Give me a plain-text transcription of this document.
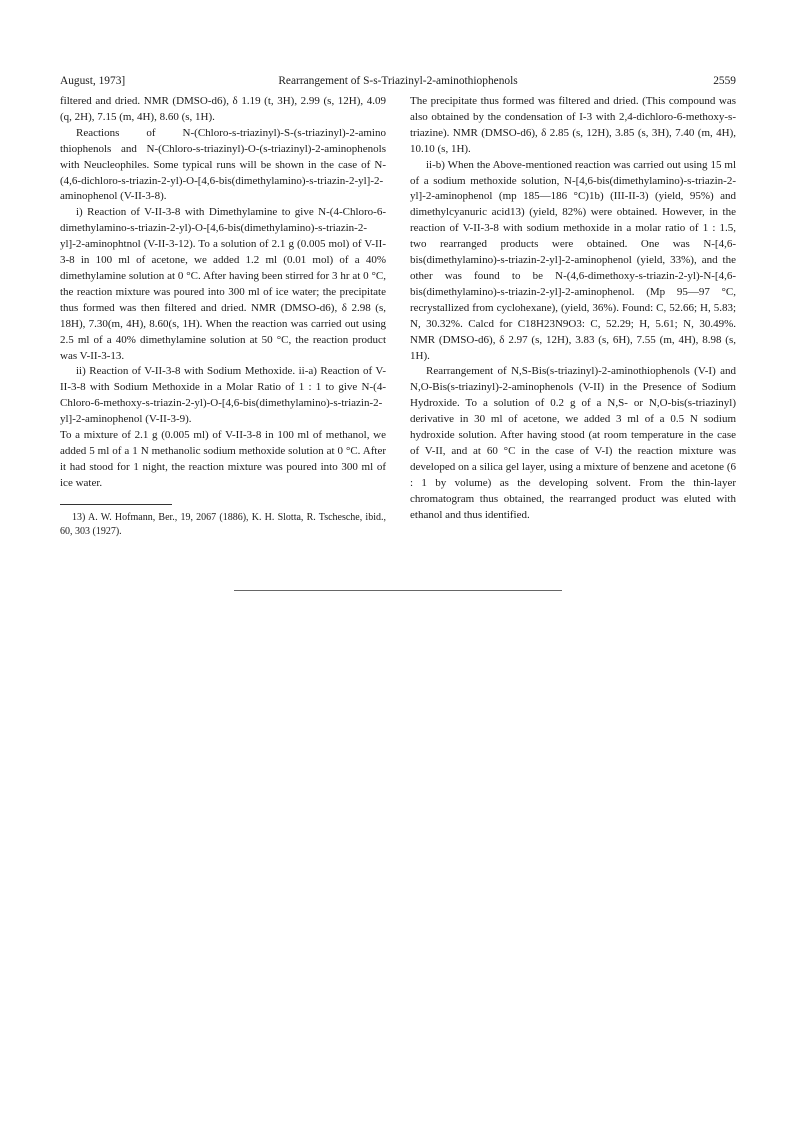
August, 1973]	Rearrangement of S-s-Triazinyl-2-aminothiophenols	2559

filtered and dried. NMR (DMSO-d6), δ 1.19 (t, 3H), 2.99 (s, 12H), 4.09 (q, 2H), 7.15 (m, 4H), 8.60 (s, 1H).

Reactions of N-(Chloro-s-triazinyl)-S-(s-triazinyl)-2-amino thiophenols and N-(Chloro-s-triazinyl)-O-(s-triazinyl)-2-aminophenols with Neucleophiles. Some typical runs will be shown in the case of N-(4,6-dichloro-s-triazin-2-yl)-O-[4,6-bis(dimethylamino)-s-triazin-2-yl]-2-aminophenol (V-II-3-8).

i) Reaction of V-II-3-8 with Dimethylamine to give N-(4-Chloro-6-dimethylamino-s-triazin-2-yl)-O-[4,6-bis(dimethylamino)-s-triazin-2-yl]-2-aminophtnol (V-II-3-12). To a solution of 2.1 g (0.005 mol) of V-II-3-8 in 100 ml of acetone, we added 1.2 ml (0.01 mol) of a 40% dimethylamine solution at 0 °C. After having been stirred for 3 hr at 0 °C, the reaction mixture was poured into 300 ml of ice water; the precipitate thus formed was then filtered and dried. NMR (DMSO-d6), δ 2.98 (s, 18H), 7.30(m, 4H), 8.60(s, 1H). When the reaction was carried out using 2.5 ml of a 40% dimethylamine solution at 50 °C, the reaction product was V-II-3-13.

ii) Reaction of V-II-3-8 with Sodium Methoxide. ii-a) Reaction of V-II-3-8 with Sodium Methoxide in a Molar Ratio of 1 : 1 to give N-(4-Chloro-6-methoxy-s-triazin-2-yl)-O-[4,6-bis(dimethylamino)-s-triazin-2-yl]-2-aminophenol (V-II-3-9).

To a mixture of 2.1 g (0.005 ml) of V-II-3-8 in 100 ml of methanol, we added 5 ml of a 1 N methanolic sodium methoxide solution at 0 °C. After it had stood for 1 night, the reaction mixture was poured into 300 ml of ice water.

13) A. W. Hofmann, Ber., 19, 2067 (1886), K. H. Slotta, R. Tschesche, ibid., 60, 303 (1927).

The precipitate thus formed was filtered and dried. (This compound was also obtained by the condensation of I-3 with 2,4-dichloro-6-methoxy-s-triazine). NMR (DMSO-d6), δ 2.85 (s, 12H), 3.85 (s, 3H), 7.40 (m, 4H), 10.10 (s, 1H).

ii-b) When the Above-mentioned reaction was carried out using 15 ml of a sodium methoxide solution, N-[4,6-bis(dimethylamino)-s-triazin-2-yl]-2-aminophenol (mp 185—186 °C)1b) (III-II-3) (yield, 95%) and dimethylcyanuric acid13) (yield, 82%) were obtained. However, in the reaction of V-II-3-8 with sodium methoxide in a molar ratio of 1 : 1.5, two rearranged products were obtained. One was N-[4,6-bis(dimethylamino)-s-triazin-2-yl]-2-aminophenol (yield, 33%), and the other was found to be N-(4,6-dimethoxy-s-triazin-2-yl)-N-[4,6-bis(dimethylamino)-s-triazin-2-yl]-2-aminophenol. (Mp 95—97 °C, recrystallized from cyclohexane), (yield, 36%). Found: C, 52.66; H, 5.83; N, 30.32%. Calcd for C18H23N9O3: C, 52.29; H, 5.61; N, 30.49%. NMR (DMSO-d6), δ 2.97 (s, 12H), 3.83 (s, 6H), 7.55 (m, 4H), 8.98 (s, 1H).

Rearrangement of N,S-Bis(s-triazinyl)-2-aminothiophenols (V-I) and N,O-Bis(s-triazinyl)-2-aminophenols (V-II) in the Presence of Sodium Hydroxide. To a solution of 0.2 g of a N,S- or N,O-bis(s-triazinyl) derivative in 30 ml of acetone, we added 3 ml of a 0.5 N sodium hydroxide solution. After having stood (at room temperature in the case of V-II, and at 60 °C in the case of V-I) the reaction mixture was developed on a silica gel layer, using a mixture of benzene and acetone (6 : 1 by volume) as the developing solvent. From the thin-layer chromatogram thus obtained, the rearranged product was eluted with ethanol and thus identified.
